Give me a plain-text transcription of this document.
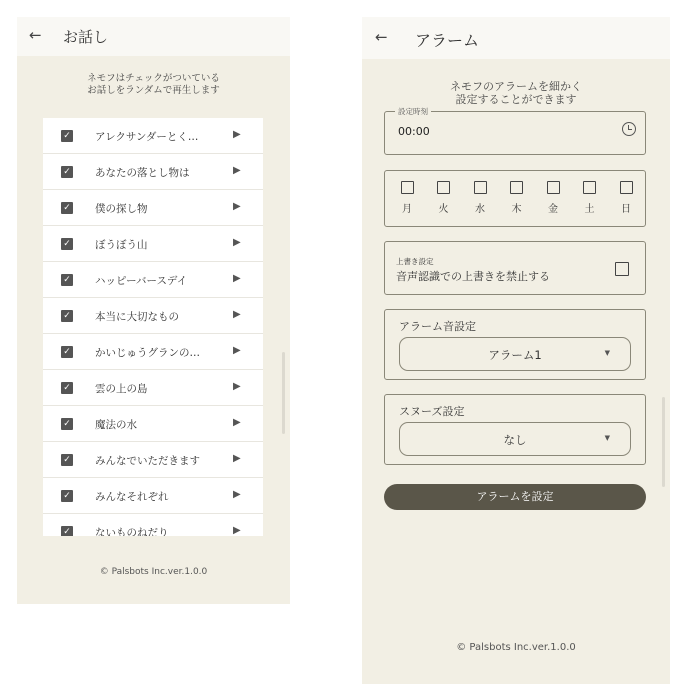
← お話し
ネモフはチェックがついている
お話しをランダムで再生します
✓ アレクサンダーとく…	▶
✓ あなたの落とし物は	▶
✓ 僕の探し物	▶
✓ ぼうぼう山	▶
✓ ハッピーバースデイ	▶
✓ 本当に大切なもの	▶
✓ かいじゅうグランの…	▶
✓ 雲の上の島	▶
✓ 魔法の水	▶
✓ みんなでいただきます	▶
✓ みんなそれぞれ	▶
✓ ないものねだり	▶
© Palsbots Inc.ver.1.0.0
← アラーム
ネモフのアラームを細かく
設定することができます
設定時刻
00:00
月	火	水	木	金	土	日
上書き設定
音声認識での上書きを禁止する
アラーム音設定
アラーム1	▼
スヌーズ設定
なし	▼
アラームを設定
© Palsbots Inc.ver.1.0.0
